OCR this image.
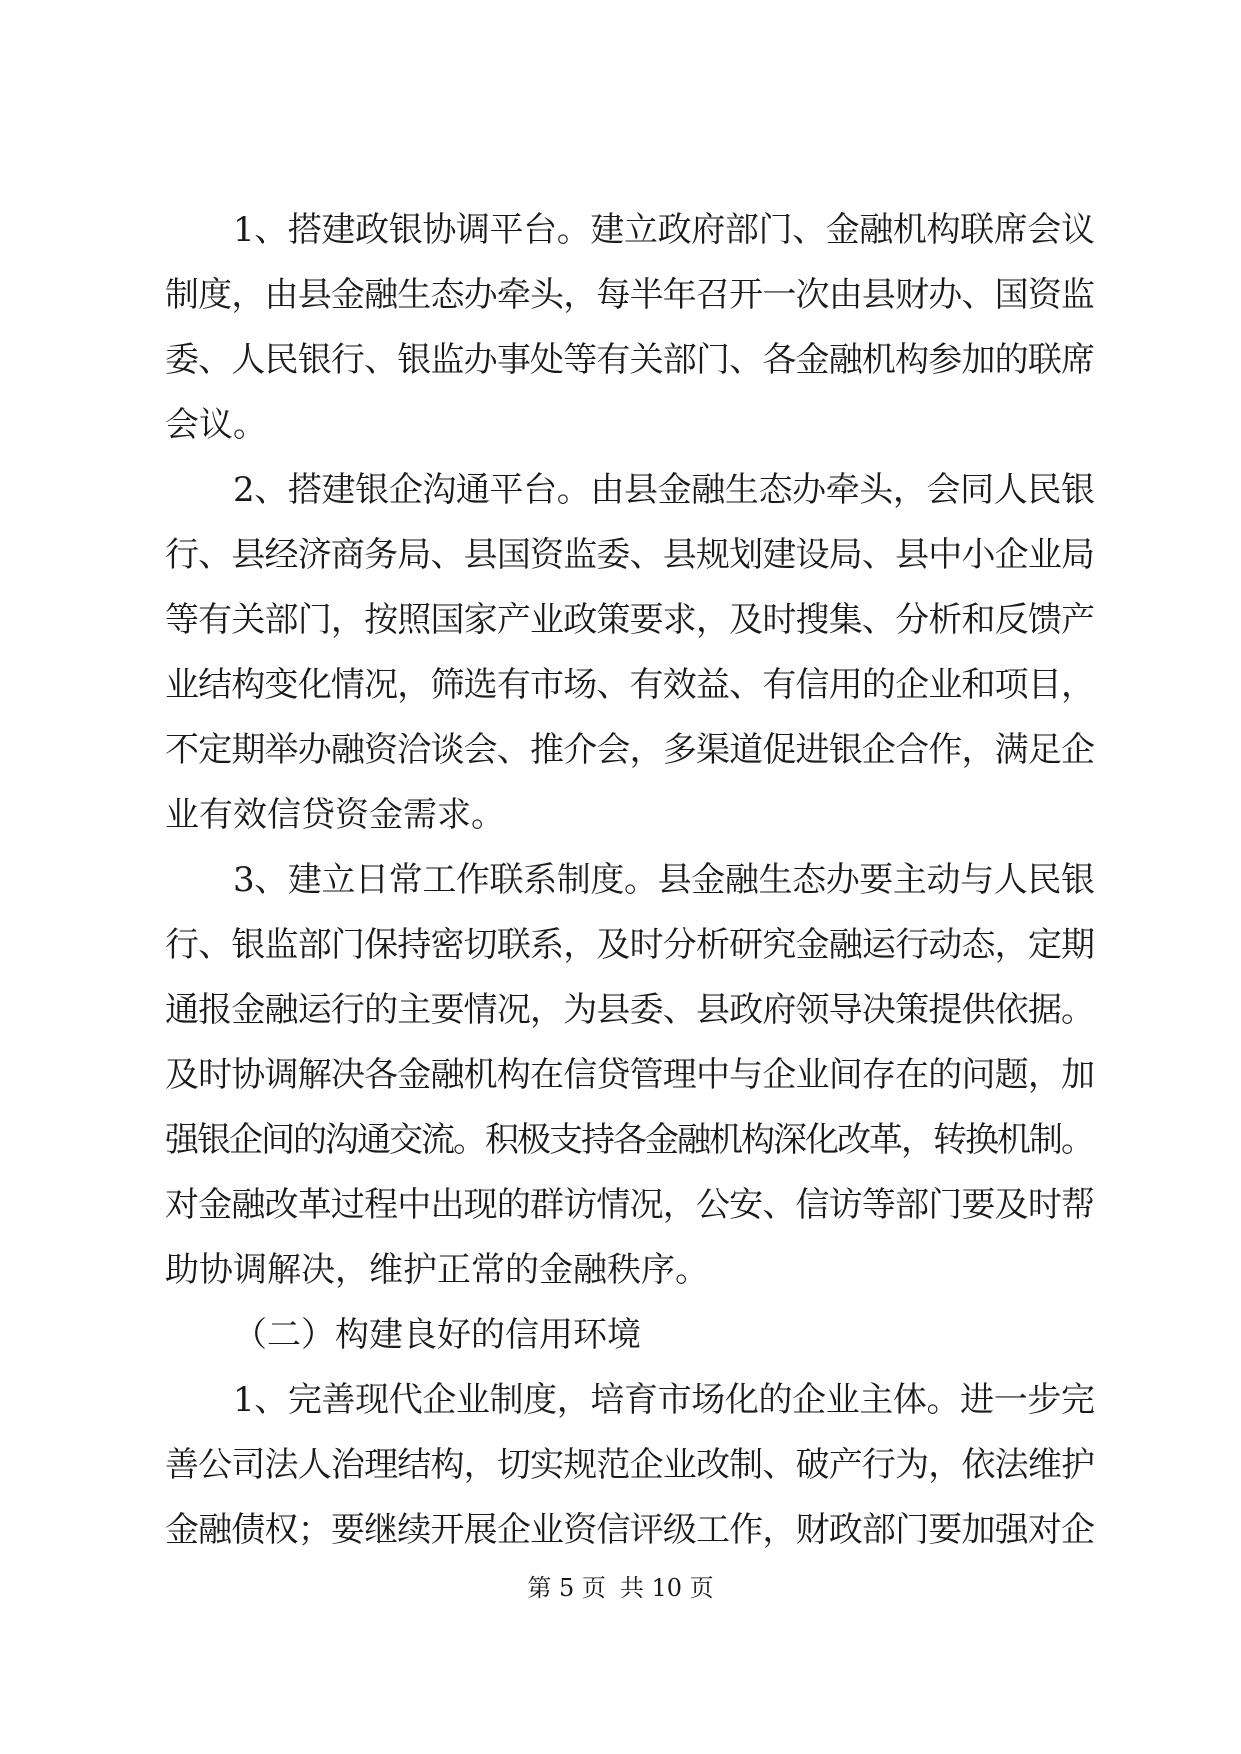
1、搭建政银协调平台。建立政府部门、金融机构联席会议
制度，由县金融生态办牵头，每半年召开一次由县财办、国资监
委、人民银行、银监办事处等有关部门、各金融机构参加的联席
会议。
2、搭建银企沟通平台。由县金融生态办牵头，会同人民银
行、县经济商务局、县国资监委、县规划建设局、县中小企业局
等有关部门，按照国家产业政策要求，及时搜集、分析和反馈产
业结构变化情况，筛选有市场、有效益、有信用的企业和项目，
不定期举办融资洽谈会、推介会，多渠道促进银企合作，满足企
业有效信贷资金需求。
3、建立日常工作联系制度。县金融生态办要主动与人民银
行、银监部门保持密切联系，及时分析研究金融运行动态，定期
通报金融运行的主要情况，为县委、县政府领导决策提供依据。
及时协调解决各金融机构在信贷管理中与企业间存在的问题，加
强银企间的沟通交流。积极支持各金融机构深化改革，转换机制。
对金融改革过程中出现的群访情况，公安、信访等部门要及时帮
助协调解决，维护正常的金融秩序。
（二）构建良好的信用环境
1、完善现代企业制度，培育市场化的企业主体。进一步完
善公司法人治理结构，切实规范企业改制、破产行为，依法维护
金融债权；要继续开展企业资信评级工作，财政部门要加强对企
第 5 页 共 10 页
